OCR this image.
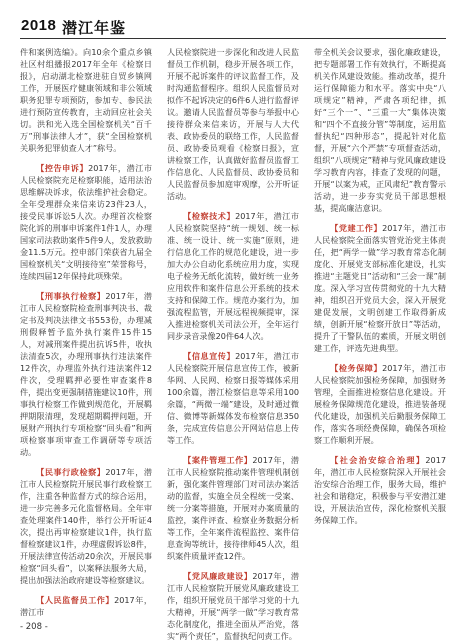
2018 潜江年鉴

件和案例选编》。向10余个重点乡镇社区村组播报2017年全年《检察日报》，启动湖北检察进驻自贸乡镇网工作，开展医疗健康领域和非公领域职务犯罪专项预防，参加专、参民法进行预防宣传教育，主动回应社会关切。洪和光入选全国检察机关“百千万”刑事法律人才”，获“全国检察机关职务犯罪侦查人才”称号。

【控告申诉】2017年，潜江市人民检察院充足检察职能，适用法治思维解决诉求，依法维护社会稳定。全年受理群众来信来访23件23人，接受民事诉讼5人次。办理首次检察院化诉的刑事申诉案件1件1人，办理国家司法救助案件5件9人，发放救助金11.5万元。控申部门荣获省九届全国检察机关“文明接待室”荣誉称号，连续四届12年保持此项殊荣。

【刑事执行检察】2017年，潜江市人民检察院检查刑事判决书、裁定书及判决法律文书553份，办理减刑假释暂予监外执行案件15件15人，对减刑案件提出抗诉5件，收执法清查5次，办理刑事执行违法案件12件次，办理监外执行违法案件12件次，受理羁押必要性审查案件8件，提出变更强制措施建议10件，刑事执行检察工作做到规范化，开展羁押期限清理，发现超期羁押问题，开展财产刑执行专项检察“回头看”和两项检察事项审查工作调研等专项活动。

【民事行政检察】2017年，潜江市人民检察院开展民事行政检察工作，注重各种监督方式的综合运用，进一步完善多元化监督格局。全年审查处理案件140件，举行公开听证4次，提出再审检察建议1件，执行监督检察建议1件，办理虚假诉讼8件，开展法律宣传活动20余次，开展民事检察“回头看”，以案释法服务大局，提出加强法治政府建设等检察建议。

【人民监督员工作】2017年，潜江市

人民检察院进一步深化和改进人民监督员工作机制，稳步开展各项工作，开展不起诉案件的评议监督工作，及时沟通监督程序。组织人民监督员对拟作不起诉决定的6件6人进行监督评议。邀请人民监督员等参与举报中心接待群众来信来访，开展与人大代表、政协委员的联络工作，人民监督员、政协委员观看《检察日报》，宣讲检察工作，认真做好监督员监督工作信息化、人民监督员、政协委员和人民监督员参加庭审观摩，公开听证活动。

【检察技术】2017年，潜江市人民检察院坚持“统一规划、统一标准、统一设计、统一实施”原则，进行信息化工作的规范化建设，进一步加大办公自动化系统应用力度，实现电子检务无纸化流转，做好统一业务应用软件和案件信息公开系统的技术支持和保障工作。规范办案行为，加强流程监管，开展远程视频提审，深入推进检察机关司法公开，全年运行同步录音录像20件64人次。

【信息宣传】2017年，潜江市人民检察院开展信息宣传工作，被新华网、人民网、检察日报等媒体采用100余篇，潜江检察信息等采用100余篇，“两微一端”建设，及时通过微信、微博等新媒体发布检察信息350条，完成宣传信息公开网站信息上传等工作。

【案件管理工作】2017年，潜江市人民检察院推动案件管理机制创新，强化案件管理部门对司法办案活动的监督，实施全员全程统一受案、统一分案等措施，开展对办案质量的监控，案件评查、检察业务数据分析等工作，全年案件流程监控、案件信息查询等统计，接待律师45人次，组织案件质量评查12件。

【党风廉政建设】2017年，潜江市人民检察院开展党风廉政建设工作，组织开展党员干部学习党的十九大精神，开展“两学一做”学习教育常态化制度化，推进全面从严治党，落实“两个责任”，监督执纪问责工作。

带全机关会议要求，强化廉政建设，把专题部署工作有效执行，不断提高机关作风建设效能。推动改革，提升运行保障能力和水平。落实中央“八项规定”精神，严肃各项纪律，抓好“三个一”、“三重一大”集体决策和“四个不直接分管”等制度，运用监督执纪“四种形态”，提起针对化监督，开展“六个严禁”专项督查活动，组织“八项规定”精神与党风廉政建设学习教育内容，排查了发现的问题，开展“以案为戒，正风肃纪”教育警示活动，进一步夯实党员干部思想根基，提高廉洁意识。

【党建工作】2017年，潜江市人民检察院全面落实管党治党主体责任，把“两学一做”学习教育常态化制度化、开展党支部标准化建设，扎实推进“主题党日”活动和“三会一课”制度。深入学习宣传贯彻党的十九大精神，组织召开党员大会，深入开展党建促发展，文明创建工作取得新成绩，创新开展“检察开放日”等活动，提升了干警队伍的素质，开展文明创建工作，评选先进典型。

【检务保障】2017年，潜江市人民检察院加强检务保障，加强财务管理，全面推进检察信息化建设。开展检务保障规范化建设，推进装备现代化建设，加强机关后勤服务保障工作，落实各项经费保障，确保各项检察工作顺利开展。

【社会治安综合治理】2017年，潜江市人民检察院深入开展社会治安综合治理工作，服务大局，维护社会和谐稳定，积极参与平安潜江建设，开展法治宣传，深化检察机关服务保障工作。

- 208 -
